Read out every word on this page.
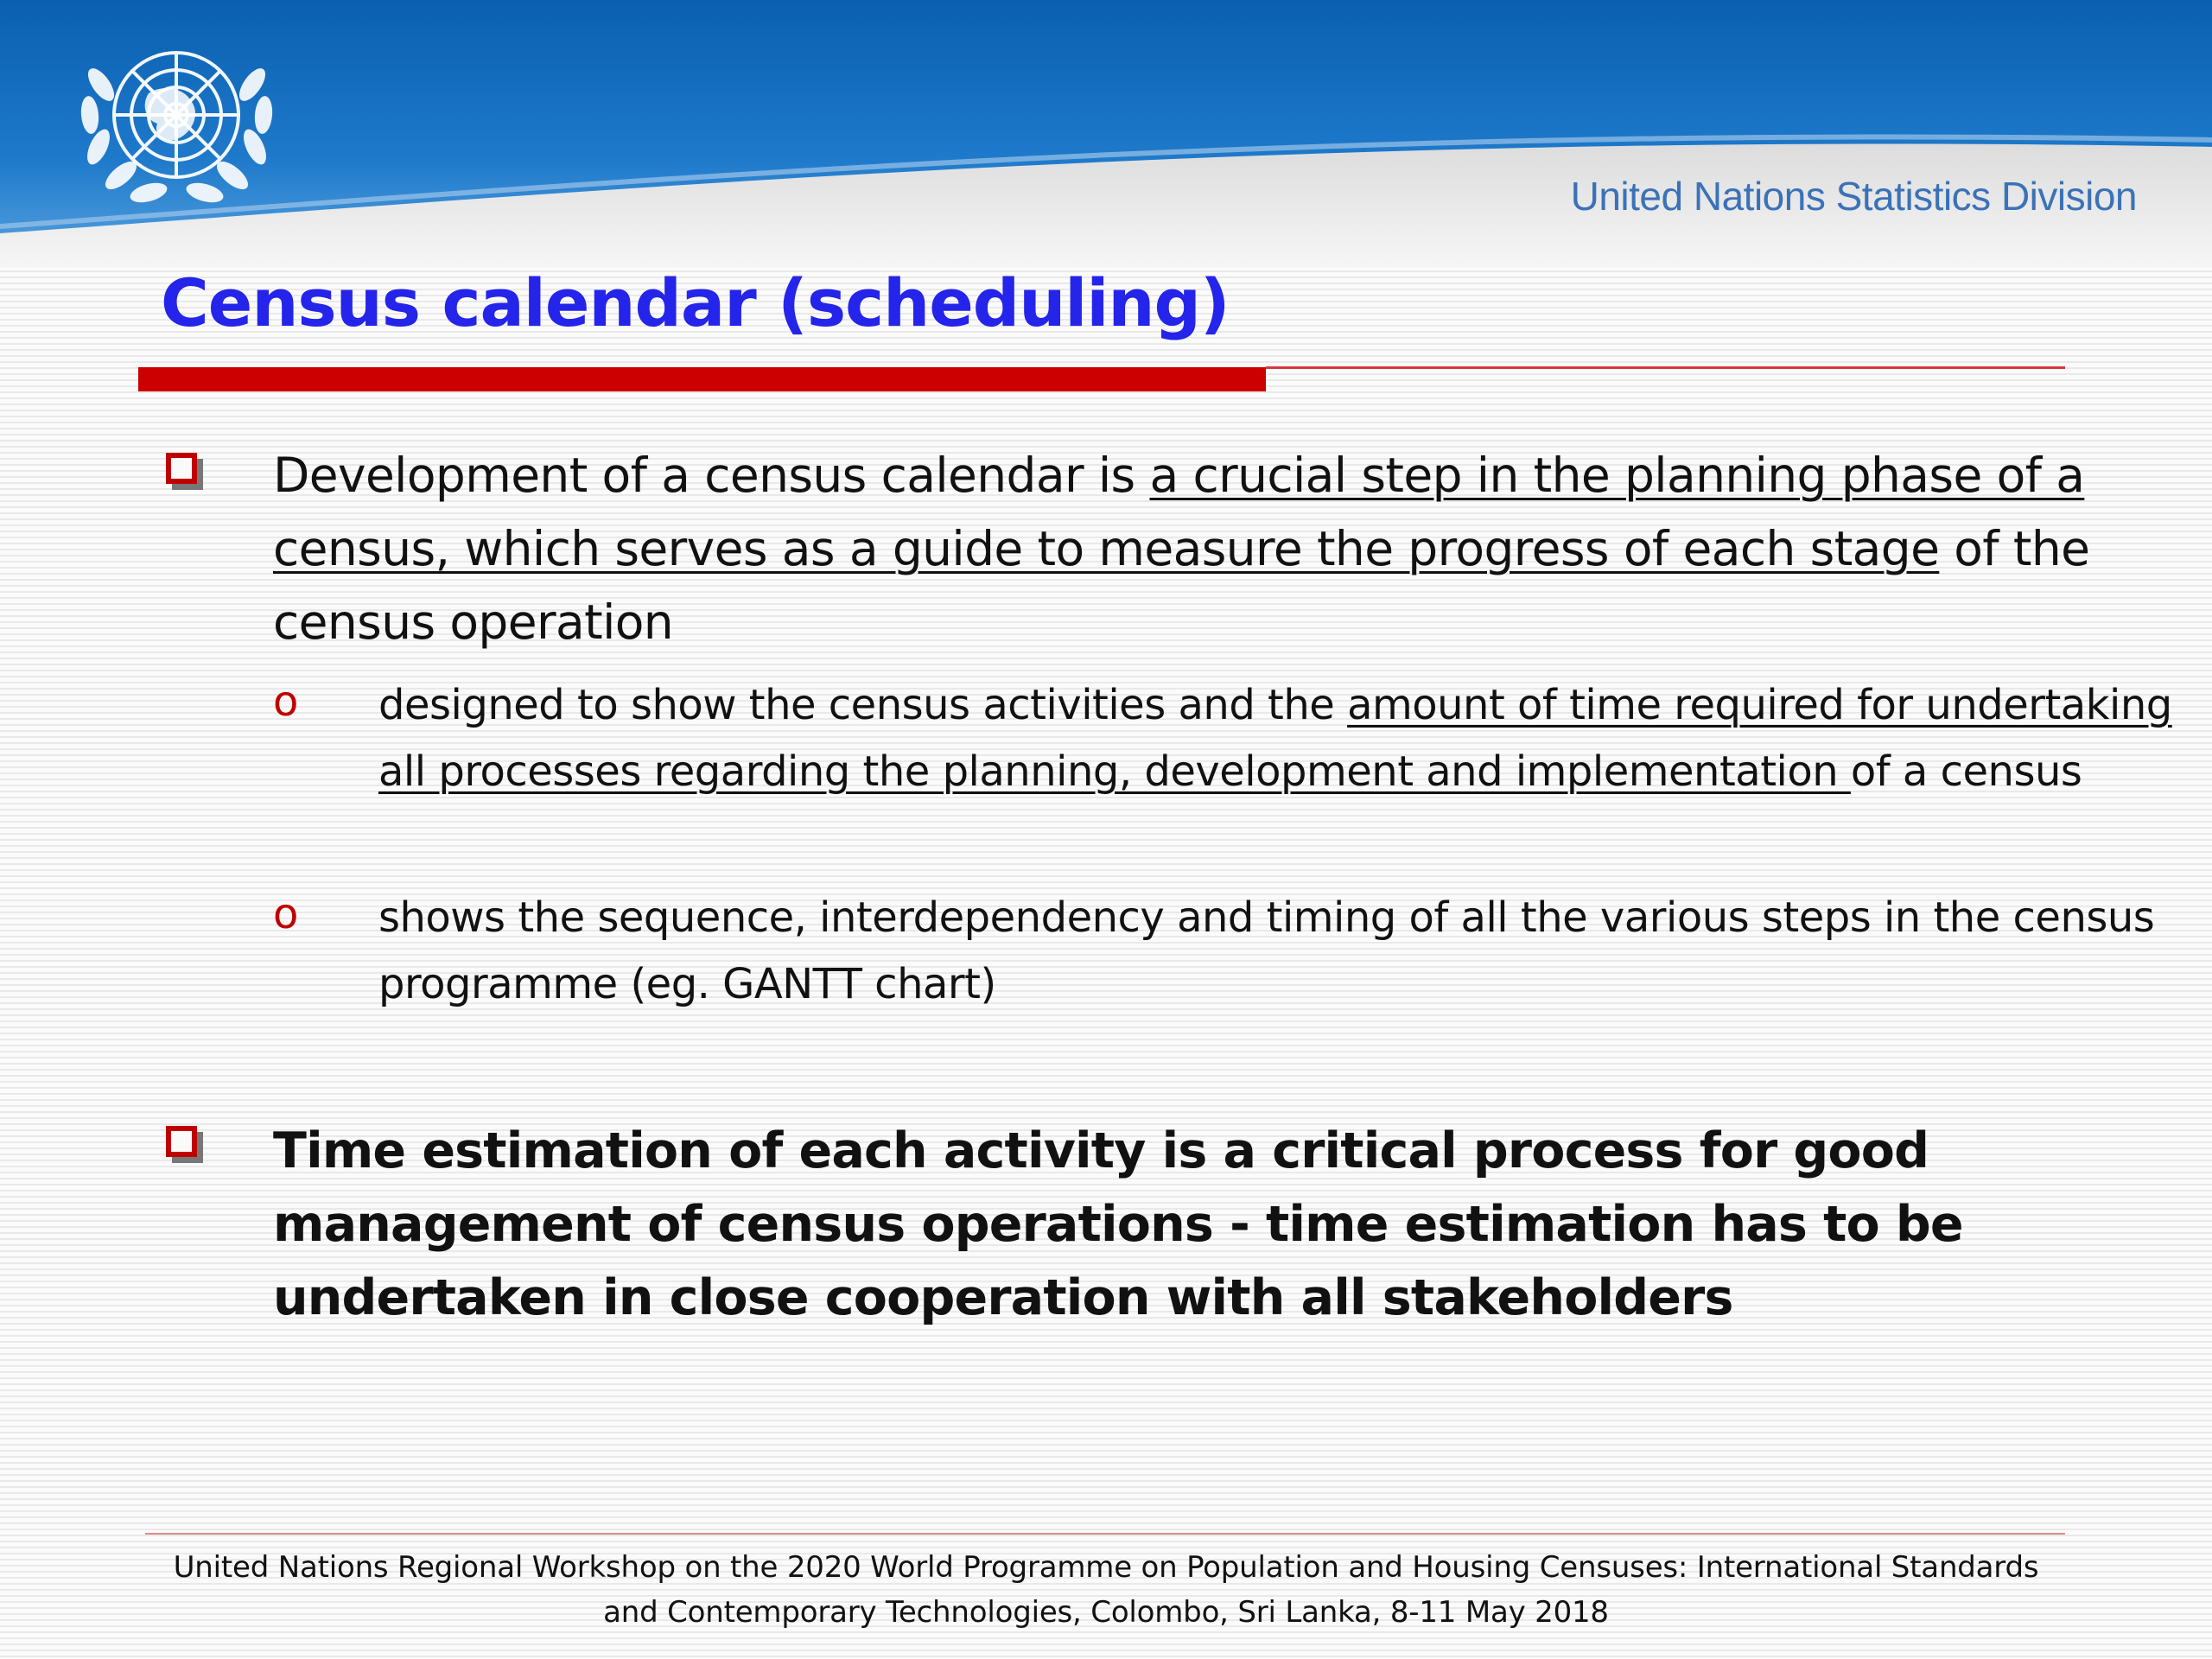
United Nations Statistics Division
Census calendar (scheduling)

Development of a census calendar is a crucial step in the planning phase of a census, which serves as a guide to measure the progress of each stage of the census operation

o designed to show the census activities and the amount of time required for undertaking all processes regarding the planning, development and implementation of a census

o shows the sequence, interdependency and timing of all the various steps in the census programme (eg. GANTT chart)

Time estimation of each activity is a critical process for good management of census operations - time estimation has to be undertaken in close cooperation with all stakeholders

United Nations Regional Workshop on the 2020 World Programme on Population and Housing Censuses: International Standards
and Contemporary Technologies, Colombo, Sri Lanka, 8-11 May 2018
